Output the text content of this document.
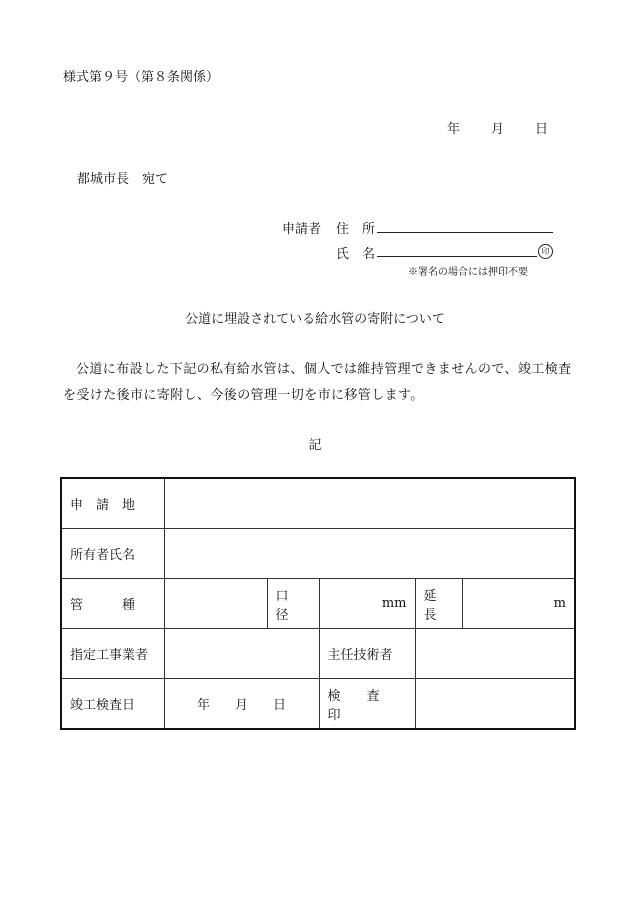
様式第９号（第８条関係）
年 月 日
都城市長　宛て
申請者 住　所
氏　名	印
※署名の場合には押印不要
公道に埋設されている給水管の寄附について
公道に布設した下記の私有給水管は、個人では維持管理できませんので、竣工検査を受けた後市に寄附し、今後の管理一切を市に移管します。
記
申　請　地					
所有者氏名					
管　　　種		口　径	mm	延　長	m
指定工事業者			主任技術者		
竣工検査日	年 月 日		検　　査　　印		
